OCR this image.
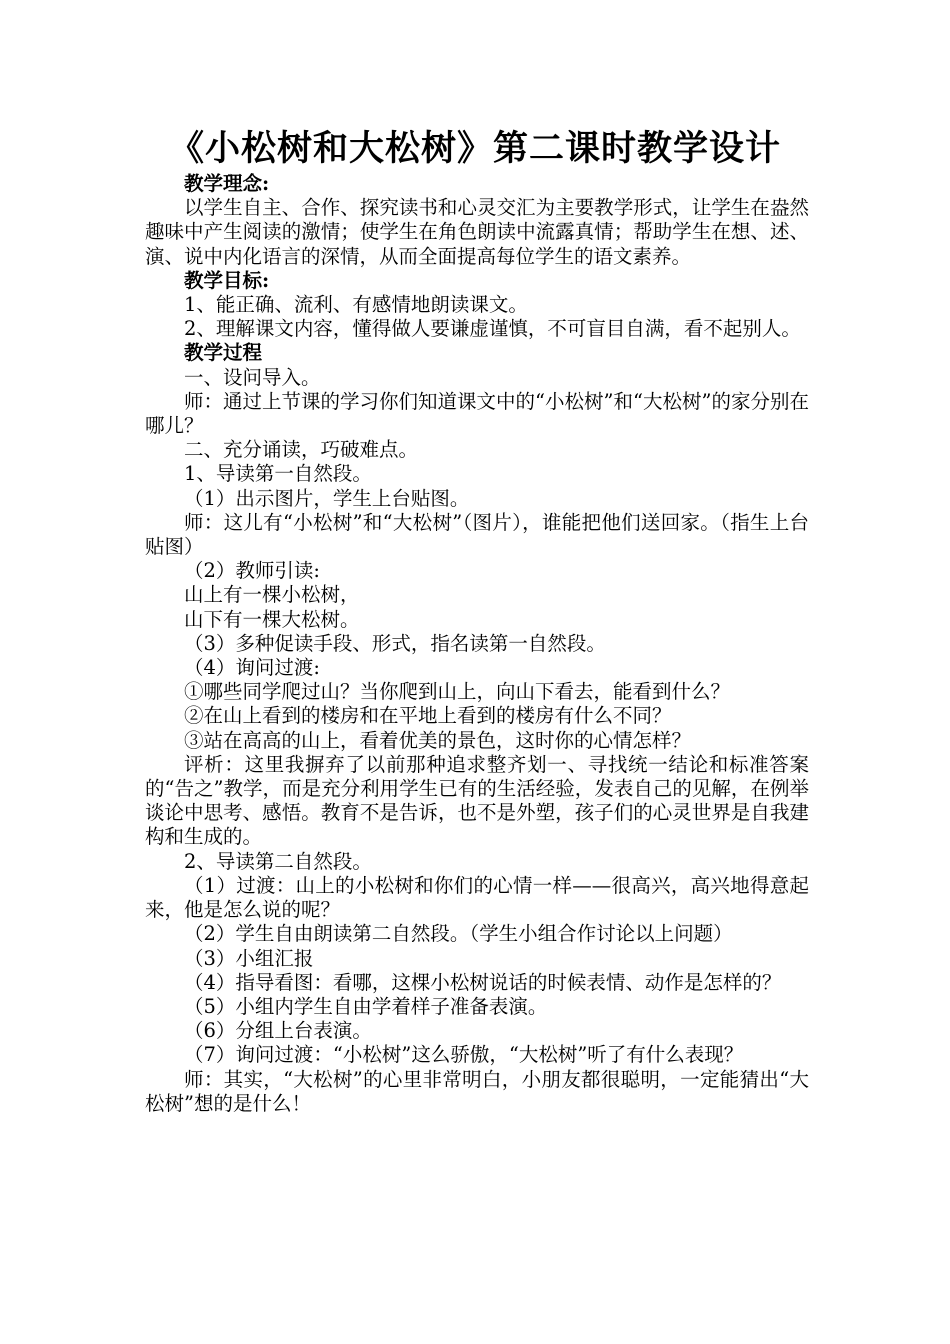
《小松树和大松树》第二课时教学设计

教学理念:

以学生自主、合作、探究读书和心灵交汇为主要教学形式，让学生在盎然趣味中产生阅读的激情；使学生在角色朗读中流露真情；帮助学生在想、述、演、说中内化语言的深情，从而全面提高每位学生的语文素养。

教学目标:

1、能正确、流利、有感情地朗读课文。

2、理解课文内容，懂得做人要谦虚谨慎，不可盲目自满，看不起别人。

教学过程

一、设问导入。

师：通过上节课的学习你们知道课文中的“小松树”和“大松树”的家分别在哪儿？

二、充分诵读，巧破难点。

1、导读第一自然段。

（1）出示图片，学生上台贴图。

师：这儿有“小松树”和“大松树”（图片），谁能把他们送回家。（指生上台贴图）

（2）教师引读:

山上有一棵小松树，

山下有一棵大松树。

（3）多种促读手段、形式，指名读第一自然段。

（4）询问过渡:

①哪些同学爬过山？当你爬到山上，向山下看去，能看到什么？

②在山上看到的楼房和在平地上看到的楼房有什么不同？

③站在高高的山上，看着优美的景色，这时你的心情怎样？

评析：这里我摒弃了以前那种追求整齐划一、寻找统一结论和标准答案的“告之”教学，而是充分利用学生已有的生活经验，发表自己的见解，在例举谈论中思考、感悟。教育不是告诉，也不是外塑，孩子们的心灵世界是自我建构和生成的。

2、导读第二自然段。

（1）过渡：山上的小松树和你们的心情一样——很高兴，高兴地得意起来，他是怎么说的呢？

（2）学生自由朗读第二自然段。（学生小组合作讨论以上问题）

（3）小组汇报

（4）指导看图：看哪，这棵小松树说话的时候表情、动作是怎样的？

（5）小组内学生自由学着样子准备表演。

（6）分组上台表演。

（7）询问过渡：“小松树”这么骄傲，“大松树”听了有什么表现？

师：其实，“大松树”的心里非常明白，小朋友都很聪明，一定能猜出“大松树”想的是什么！
